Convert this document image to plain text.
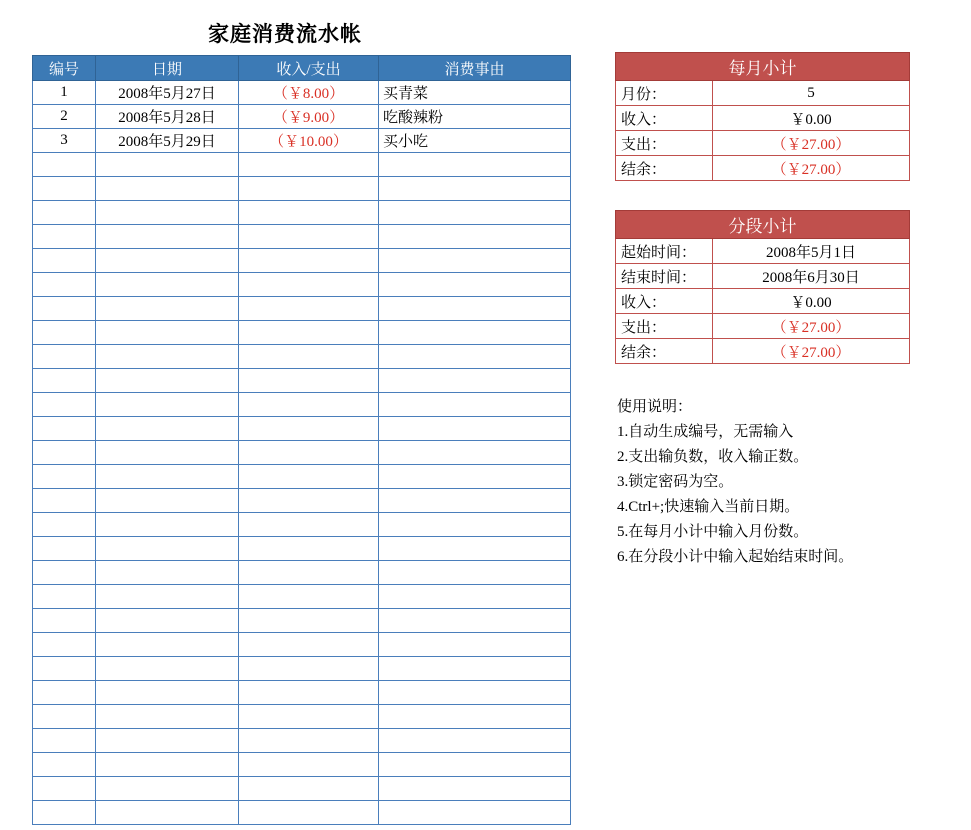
家庭消费流水帐
编号	日期	收入/支出	消费事由
1	2008年5月27日	（￥8.00）	买青菜
2	2008年5月28日	（￥9.00）	吃酸辣粉
3	2008年5月29日	（￥10.00）	买小吃

每月小计	
月份：	5
收入：	￥0.00
支出：	（￥27.00）
结余：	（￥27.00）
分段小计	
起始时间：	2008年5月1日
结束时间：	2008年6月30日
收入：	￥0.00
支出：	（￥27.00）
结余：	（￥27.00）
使用说明：
1.自动生成编号，无需输入
2.支出输负数，收入输正数。
3.锁定密码为空。
4.Ctrl+;快速输入当前日期。
5.在每月小计中输入月份数。
6.在分段小计中输入起始结束时间。
